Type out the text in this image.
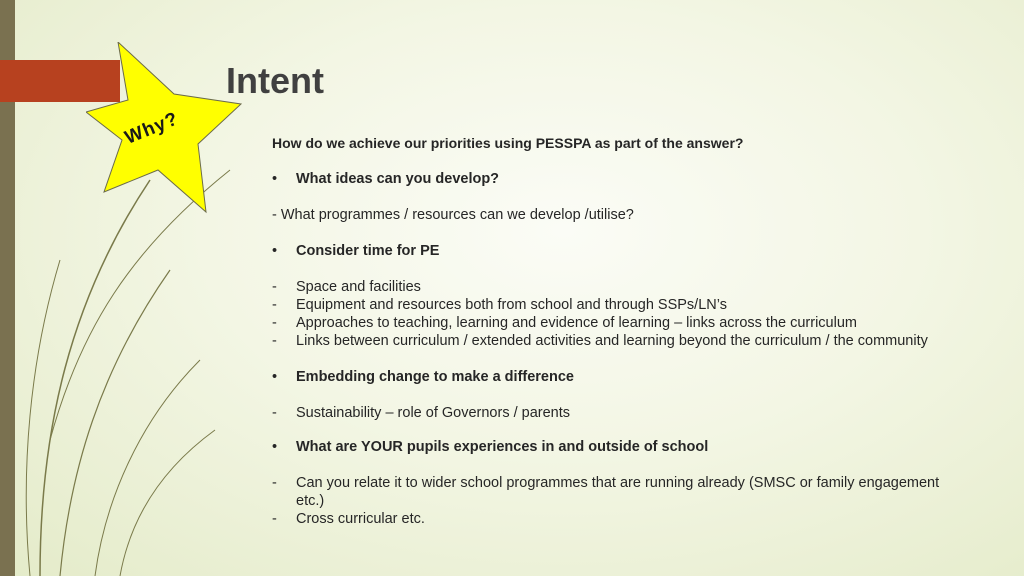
Why?
Intent
How do we achieve our priorities using PESSPA as part of the answer?
•	What ideas can you develop?
- What programmes / resources can we develop /utilise?
•	Consider time for PE
-	Space and facilities
-	Equipment and resources both from school and through SSPs/LN’s
-	Approaches to teaching, learning and evidence of learning – links across the curriculum
-	Links between curriculum / extended activities and learning beyond the curriculum / the community
•	Embedding change to make a difference
-	Sustainability – role of Governors / parents
•	What are YOUR pupils experiences in and outside of school
-	Can you relate it to wider school programmes that are running already (SMSC or family engagement etc.)
-	Cross curricular etc.
